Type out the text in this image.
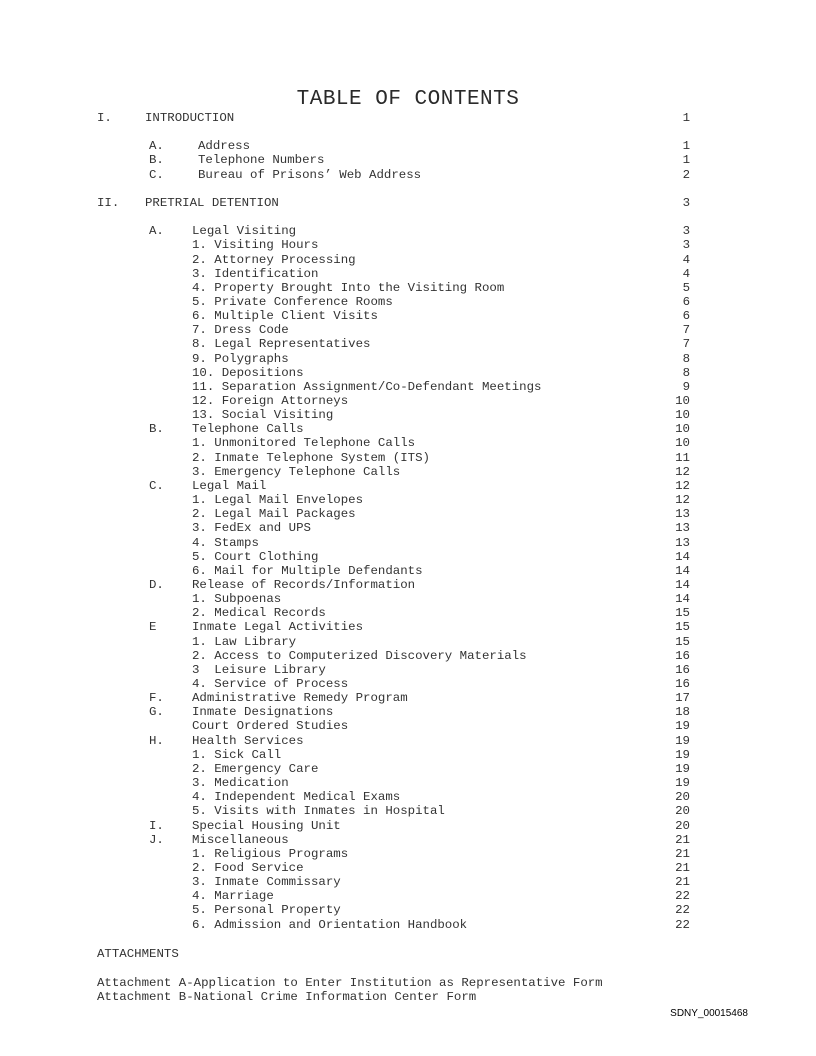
TABLE OF CONTENTS
I.	INTRODUCTION	1
A.	Address	1
B.	Telephone Numbers	1
C.	Bureau of Prisons’ Web Address	2
II. PRETRIAL DETENTION	3
A. Legal Visiting	3
1. Visiting Hours	3
2. Attorney Processing	4
3. Identification	4
4. Property Brought Into the Visiting Room	5
5. Private Conference Rooms	6
6. Multiple Client Visits	6
7. Dress Code	7
8. Legal Representatives	7
9. Polygraphs	8
10. Depositions	8
11. Separation Assignment/Co-Defendant Meetings	9
12. Foreign Attorneys	10
13. Social Visiting	10
B. Telephone Calls	10
1. Unmonitored Telephone Calls	10
2. Inmate Telephone System (ITS)	11
3. Emergency Telephone Calls	12
C. Legal Mail	12
1. Legal Mail Envelopes	12
2. Legal Mail Packages	13
3. FedEx and UPS	13
4. Stamps	13
5. Court Clothing	14
6. Mail for Multiple Defendants	14
D. Release of Records/Information	14
1. Subpoenas	14
2. Medical Records	15
E	Inmate Legal Activities	15
1. Law Library	15
2. Access to Computerized Discovery Materials	16
3  Leisure Library	16
4. Service of Process	16
F. Administrative Remedy Program	17
G. Inmate Designations	18
Court Ordered Studies	19
H. Health Services	19
1. Sick Call	19
2. Emergency Care	19
3. Medication	19
4. Independent Medical Exams	20
5. Visits with Inmates in Hospital	20
I. Special Housing Unit	20
J. Miscellaneous	21
1. Religious Programs	21
2. Food Service	21
3. Inmate Commissary	21
4. Marriage	22
5. Personal Property	22
6. Admission and Orientation Handbook	22
ATTACHMENTS
Attachment A-Application to Enter Institution as Representative Form
Attachment B-National Crime Information Center Form
SDNY_00015468
